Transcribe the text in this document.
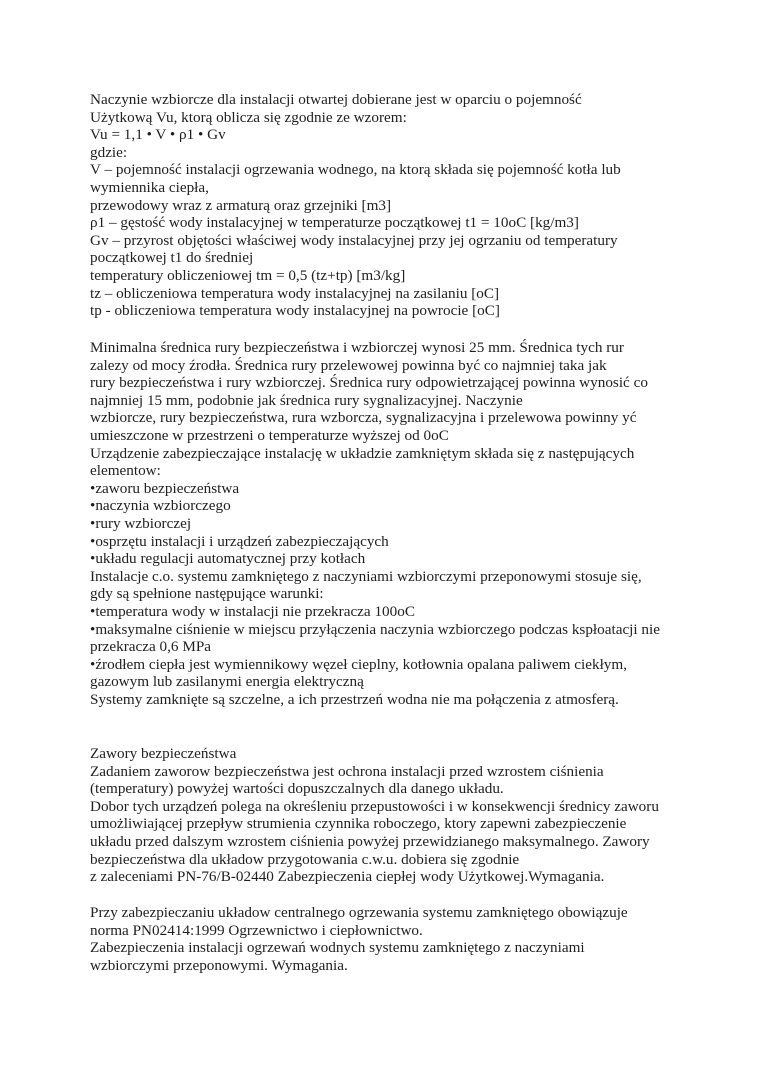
Naczynie wzbiorcze dla instalacji otwartej dobierane jest w oparciu o pojemność
Użytkową Vu, ktorą oblicza się zgodnie ze wzorem:
Vu = 1,1 • V • ρ1 • Gv
gdzie:
V – pojemność instalacji ogrzewania wodnego, na ktorą składa się pojemność kotła lub
wymiennika ciepła,
przewodowy wraz z armaturą oraz grzejniki [m3]
ρ1 – gęstość wody instalacyjnej w temperaturze początkowej t1 = 10oC [kg/m3]
Gv – przyrost objętości właściwej wody instalacyjnej przy jej ogrzaniu od temperatury
początkowej t1 do średniej
temperatury obliczeniowej tm = 0,5 (tz+tp) [m3/kg]
tz – obliczeniowa temperatura wody instalacyjnej na zasilaniu [oC]
tp - obliczeniowa temperatura wody instalacyjnej na powrocie [oC]
Minimalna średnica rury bezpieczeństwa i wzbiorczej wynosi 25 mm. Średnica tych rur
zalezy od mocy źrodła. Średnica rury przelewowej powinna być co najmniej taka jak
rury bezpieczeństwa i rury wzbiorczej. Średnica rury odpowietrzającej powinna wynosić co
najmniej 15 mm, podobnie jak średnica rury sygnalizacyjnej. Naczynie
wzbiorcze, rury bezpieczeństwa, rura wzborcza, sygnalizacyjna i przelewowa powinny yć
umieszczone w przestrzeni o temperaturze wyższej od 0oC
Urządzenie zabezpieczające instalację w układzie zamkniętym składa się z następujących
elementow:
•zaworu bezpieczeństwa
•naczynia wzbiorczego
•rury wzbiorczej
•osprzętu instalacji i urządzeń zabezpieczających
•układu regulacji automatycznej przy kotłach
Instalacje c.o. systemu zamkniętego z naczyniami wzbiorczymi przeponowymi stosuje się,
gdy są spełnione następujące warunki:
•temperatura wody w instalacji nie przekracza 100oC
•maksymalne ciśnienie w miejscu przyłączenia naczynia wzbiorczego podczas kspłoatacji nie
przekracza 0,6 MPa
•źrodłem ciepła jest wymiennikowy węzeł cieplny, kotłownia opalana paliwem ciekłym,
gazowym lub zasilanymi energia elektryczną
Systemy zamknięte są szczelne, a ich przestrzeń wodna nie ma połączenia z atmosferą.
Zawory bezpieczeństwa
Zadaniem zaworow bezpieczeństwa jest ochrona instalacji przed wzrostem ciśnienia
(temperatury) powyżej wartości dopuszczalnych dla danego układu.
Dobor tych urządzeń polega na określeniu przepustowości i w konsekwencji średnicy zaworu
umożliwiającej przepływ strumienia czynnika roboczego, ktory zapewni zabezpieczenie
układu przed dalszym wzrostem ciśnienia powyżej przewidzianego maksymalnego. Zawory
bezpieczeństwa dla układow przygotowania c.w.u. dobiera się zgodnie
z zaleceniami PN-76/B-02440 Zabezpieczenia ciepłej wody Użytkowej.Wymagania.
Przy zabezpieczaniu układow centralnego ogrzewania systemu zamkniętego obowiązuje
norma PN02414:1999 Ogrzewnictwo i ciepłownictwo.
Zabezpieczenia instalacji ogrzewań wodnych systemu zamkniętego z naczyniami
wzbiorczymi przeponowymi. Wymagania.
